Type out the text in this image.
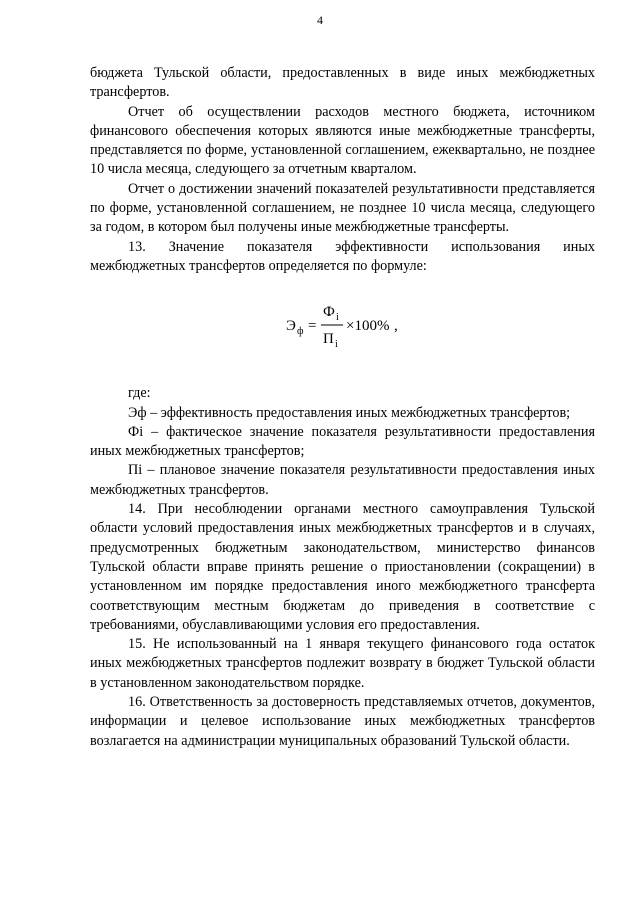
4

бюджета Тульской области, предоставленных в виде иных межбюджетных трансфертов.

Отчет об осуществлении расходов местного бюджета, источником финансового обеспечения которых являются иные межбюджетные трансферты, представляется по форме, установленной соглашением, ежеквартально, не позднее 10 числа месяца, следующего за отчетным кварталом.

Отчет о достижении значений показателей результативности представляется по форме, установленной соглашением, не позднее 10 числа месяца, следующего за годом, в котором был получены иные межбюджетные трансферты.

13. Значение показателя эффективности использования иных межбюджетных трансфертов определяется по формуле:

Э ф =
Ф i
П i
×100% ,

где:

Эф – эффективность предоставления иных межбюджетных трансфертов;

Фi – фактическое значение показателя результативности предоставления иных межбюджетных трансфертов;

Пi – плановое значение показателя результативности предоставления иных межбюджетных трансфертов.

14. При несоблюдении органами местного самоуправления Тульской области условий предоставления иных межбюджетных трансфертов и в случаях, предусмотренных бюджетным законодательством, министерство финансов Тульской области вправе принять решение о приостановлении (сокращении) в установленном им порядке предоставления иного межбюджетного трансферта соответствующим местным бюджетам до приведения в соответствие с требованиями, обуславливающими условия его предоставления.

15. Не использованный на 1 января текущего финансового года остаток иных межбюджетных трансфертов подлежит возврату в бюджет Тульской области в установленном законодательством порядке.

16. Ответственность за достоверность представляемых отчетов, документов, информации и целевое использование иных межбюджетных трансфертов возлагается на администрации муниципальных образований Тульской области.
